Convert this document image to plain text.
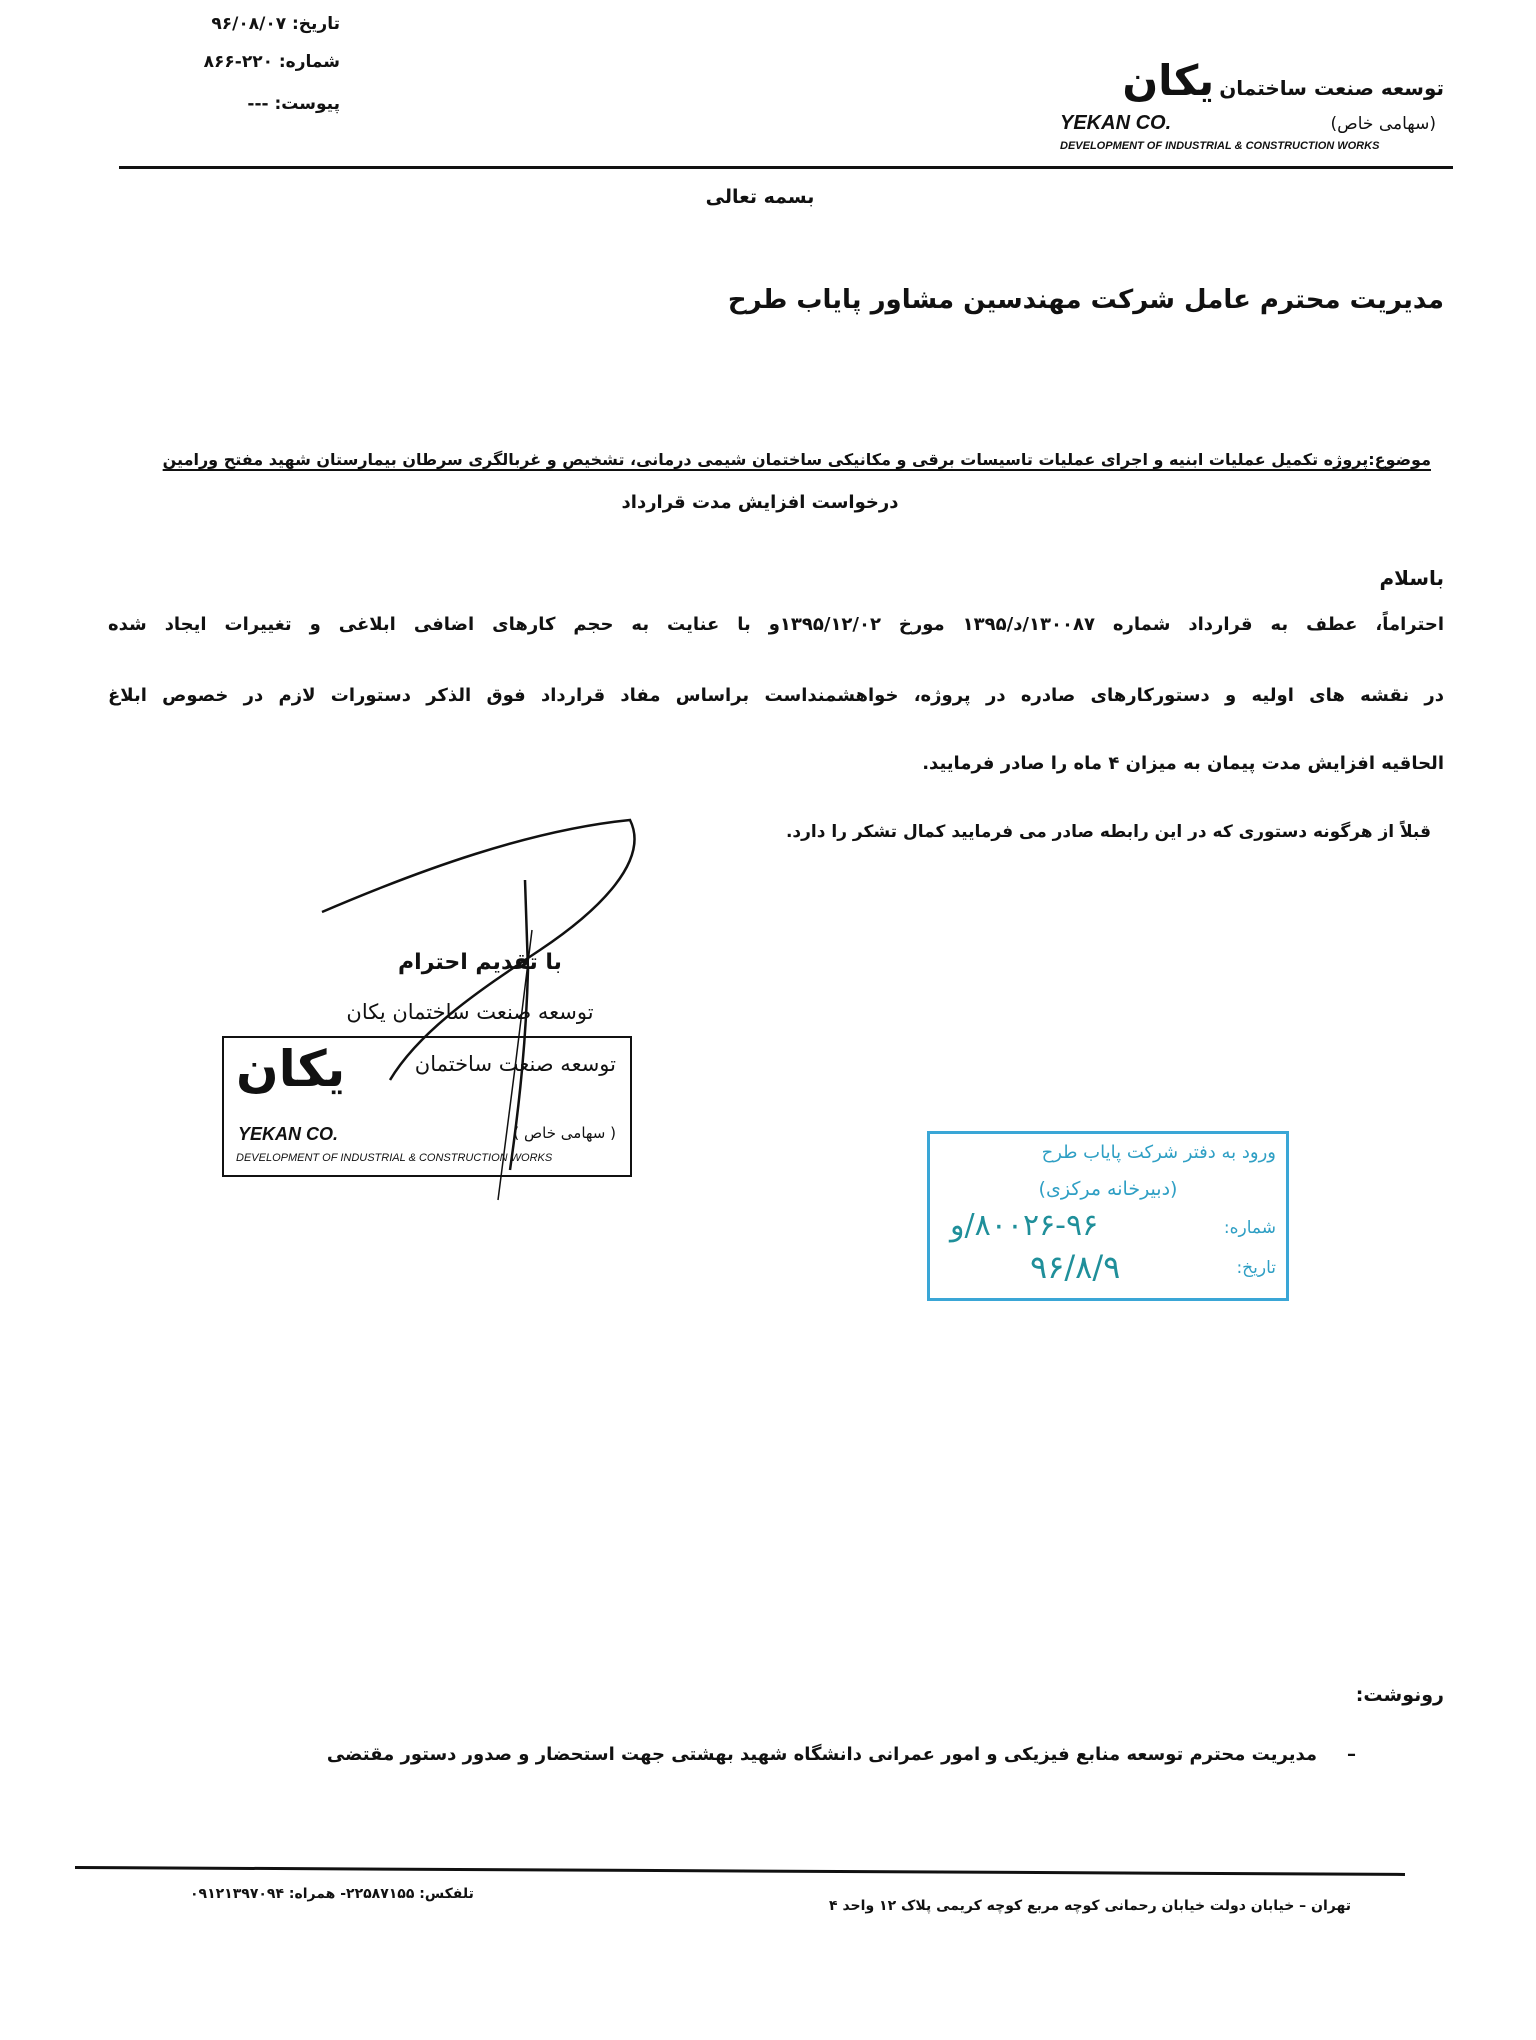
تاریخ: ۹۶/۰۸/۰۷
شماره: ۲۲۰-۸۶۶
پیوست: ---
توسعه صنعت ساختمان یکان
(سهامی خاص)
YEKAN CO.
DEVELOPMENT OF INDUSTRIAL & CONSTRUCTION WORKS
بسمه تعالی
مدیریت محترم عامل شرکت مهندسین مشاور پایاب طرح
موضوع:پروژه تکمیل عملیات ابنیه و اجرای عملیات تاسیسات برقی و مکانیکی ساختمان شیمی درمانی، تشخیص و غربالگری سرطان بیمارستان شهید مفتح ورامین
درخواست افزایش مدت قرارداد
باسلام
احتراماً، عطف به قرارداد شماره ۱۳۰۰۸۷/د/۱۳۹۵ مورخ ۱۳۹۵/۱۲/۰۲و با عنایت به حجم کارهای اضافی ابلاغی و تغییرات ایجاد شده
در نقشه های اولیه و دستورکارهای صادره در پروژه، خواهشمنداست براساس مفاد قرارداد فوق الذکر دستورات لازم در خصوص ابلاغ
الحاقیه افزایش مدت پیمان به میزان ۴ ماه را صادر فرمایید.
قبلاً از هرگونه دستوری که در این رابطه صادر می فرمایید کمال تشکر را دارد.
با تقدیم احترام
توسعه صنعت ساختمان یکان
توسعه صنعت ساختمان
یکان
( سهامی خاص )
YEKAN CO.
DEVELOPMENT OF INDUSTRIAL & CONSTRUCTION WORKS	ورود به دفتر شرکت پایاب طرح
(دبیرخانه مرکزی)
شماره:
۸۰۰۲۶-۹۶/و
تاریخ:
۹۶/۸/۹
رونوشت:
–مدیریت محترم توسعه منابع فیزیکی و امور عمرانی دانشگاه شهید بهشتی جهت استحضار و صدور دستور مقتضی
تلفکس: ۲۲۵۸۷۱۵۵- همراه: ۰۹۱۲۱۳۹۷۰۹۴
تهران – خیابان دولت خیابان رحمانی کوچه مربع کوچه کریمی پلاک ۱۲ واحد ۴
